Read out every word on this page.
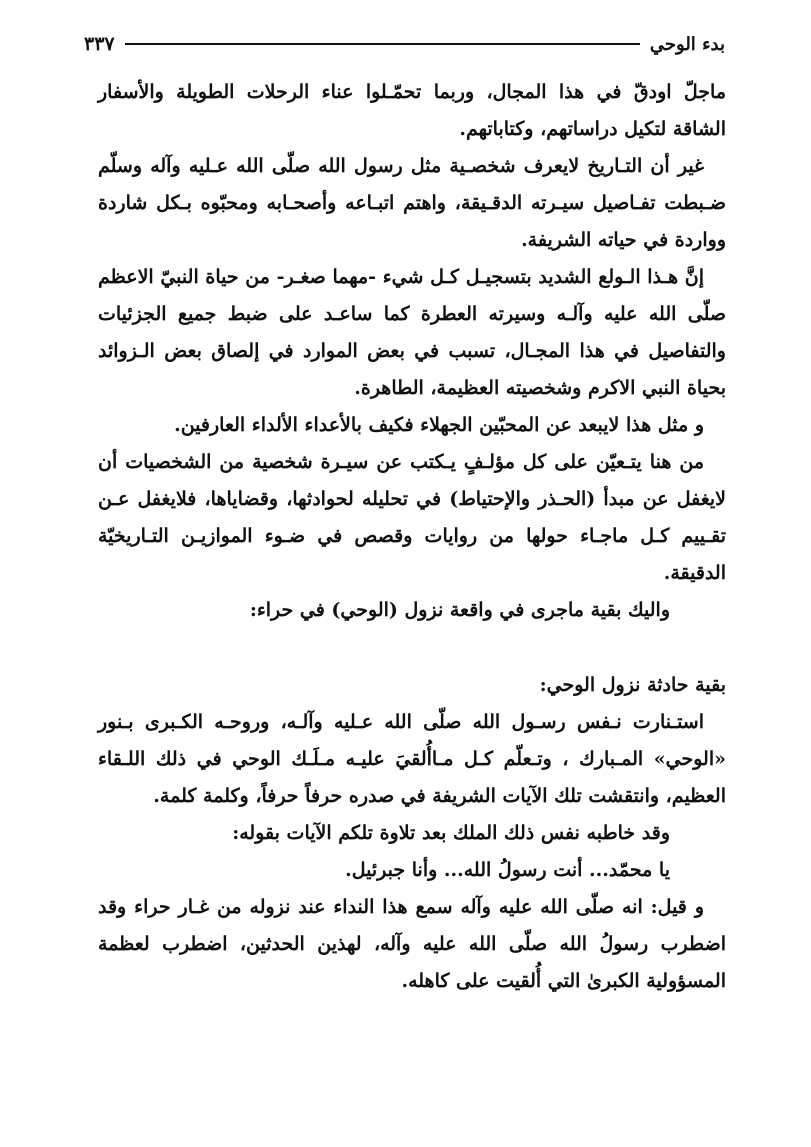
بدء الوحي
٣٣٧

ماجلّ اودقّ في هذا المجال، وربما تحمّـلوا عناء الرحلات الطويلة والأسفار الشاقة لتكيل دراساتهم، وكتاباتهم.

غير أن التـاريخ لايعرف شخصـية مثل رسول الله صلّى الله عـليه وآله وسلّم ضـبطت تفـاصيل سيـرته الدقـيقة، واهتم اتبـاعه وأصحـابه ومحبّوه بـكل شاردة وواردة في حياته الشريفة.

إنَّ هـذا الـولع الشديد بتسجيـل كـل شيء -مهما صغـر- من حياة النبيّ الاعظم صلّى الله عليه وآلـه وسيرته العطرة كما ساعـد على ضبط جميع الجزئيات والتفاصيل في هذا المجـال، تسبب في بعض الموارد في إلصاق بعض الـزوائد بحياة النبي الاكرم وشخصيته العظيمة، الطاهرة.

و مثل هذا لايبعد عن المحبّين الجهلاء فكيف بالأعداء الألداء العارفين.

من هنا يتـعيّن على كل مؤلـفٍ يـكتب عن سيـرة شخصية من الشخصيات أن لايغفل عن مبدأ (الحـذر والإحتياط) في تحليله لحوادثها، وقضاياها، فلايغفل عـن تقـييم كـل ماجـاء حولها من روايات وقصص في ضـوء الموازيـن التـاريخيّة الدقيقة.

واليك بقية ماجرى في واقعة نزول (الوحي) في حراء:

بقية حادثة نزول الوحي:

استـنارت نـفس رسـول الله صلّى الله عـليه وآلـه، وروحـه الكـبرى بـنور «الوحي» المـبارك ، وتـعلّم كـل مـاأُلقيَ عليـه مـلَـك الوحي في ذلك اللـقاء العظيم، وانتقشت تلك الآيات الشريفة في صدره حرفاً حرفاً، وكلمة كلمة.

وقد خاطبه نفس ذلك الملك بعد تلاوة تلكم الآيات بقوله:

يا محمّد... أنت رسولُ الله... وأنا جبرئيل.

و قيل: انه صلّى الله عليه وآله سمع هذا النداء عند نزوله من غـار حراء وقد اضطرب رسولُ الله صلّى الله عليه وآله، لهذين الحدثين، اضطرب لعظمة المسؤولية الكبرىٰ التي أُلقيت على كاهله.
